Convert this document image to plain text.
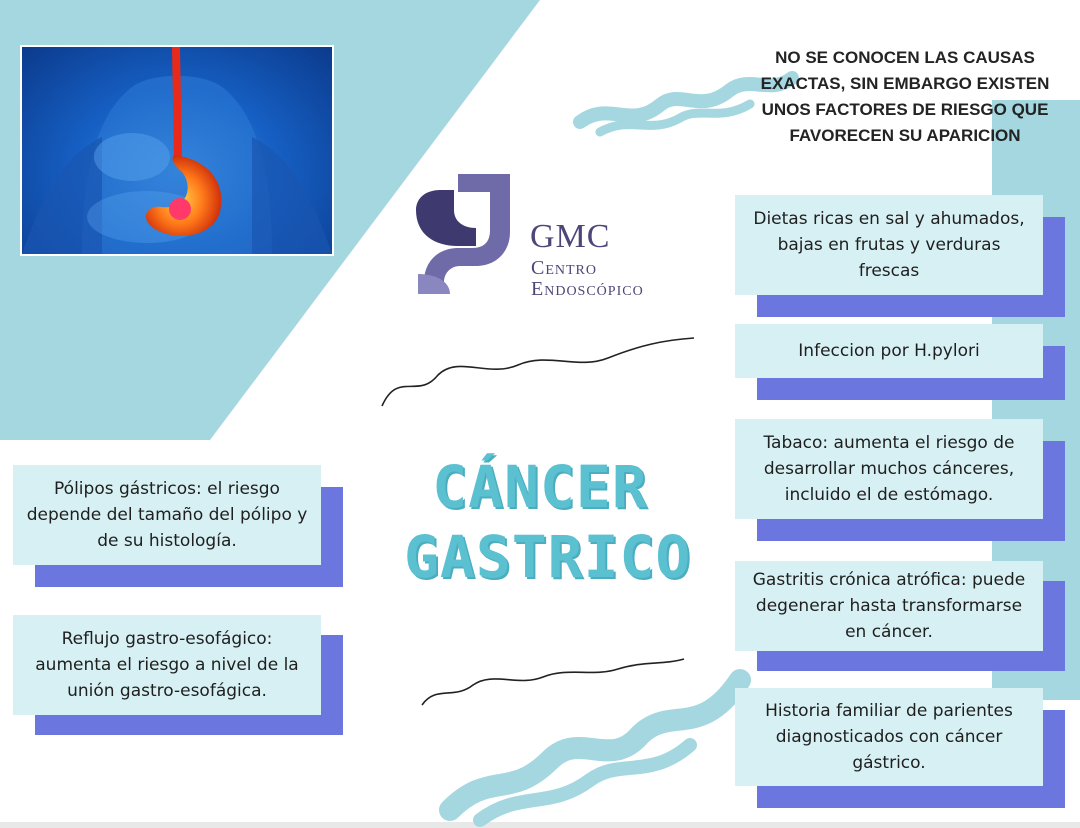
NO SE CONOCEN LAS CAUSAS EXACTAS, SIN EMBARGO EXISTEN UNOS FACTORES DE RIESGO QUE FAVORECEN SU APARICION
GMC
Centro
Endoscópico
CÁNCER
GASTRICO
Dietas ricas en sal y ahumados, bajas en frutas y verduras frescas
Infeccion por H.pylori
Tabaco: aumenta el riesgo de desarrollar muchos cánceres, incluido el de estómago.
Gastritis crónica atrófica: puede degenerar hasta transformarse en cáncer.
Historia familiar de parientes diagnosticados con cáncer gástrico.
Pólipos gástricos: el riesgo depende del tamaño del pólipo y de su histología.
Reflujo gastro-esofágico: aumenta el riesgo a nivel de la unión gastro-esofágica.
